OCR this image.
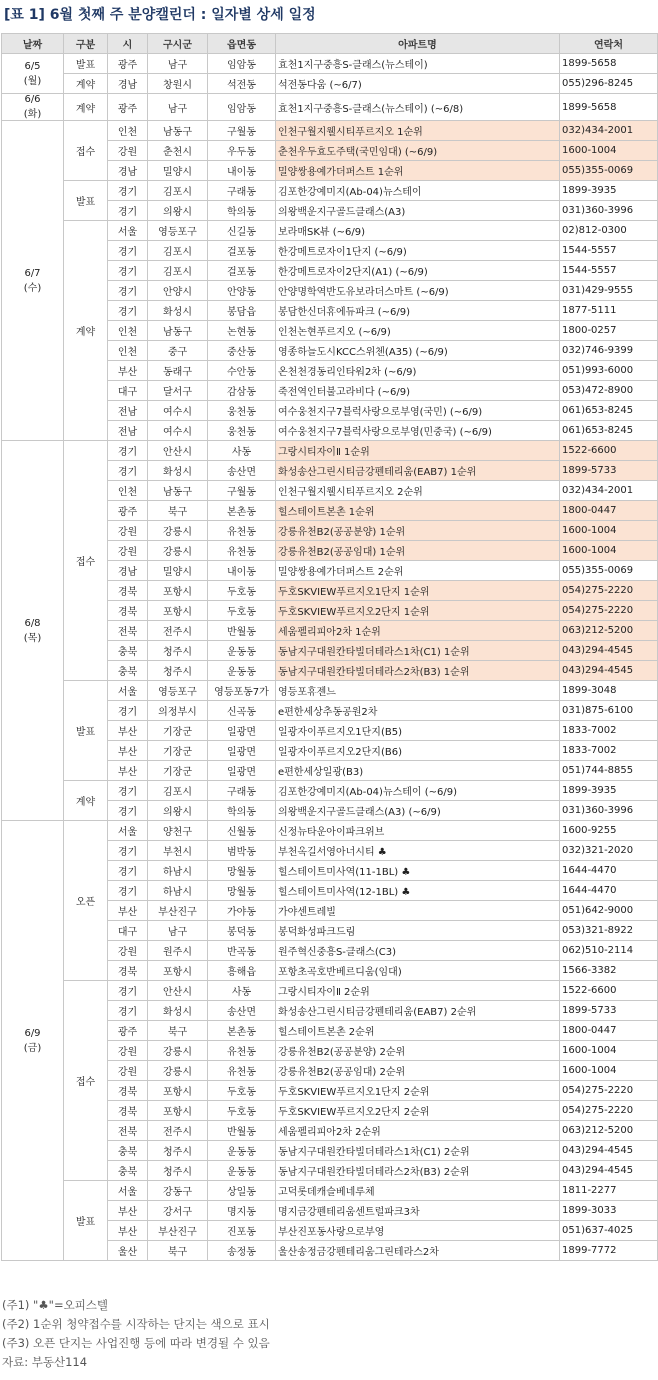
[표 1] 6월 첫째 주 분양캘린더 : 일자별 상세 일정
날짜	구분	시	구시군	읍면동	아파트명	연락처
6/5
(월)	발표	광주	남구	임암동	효천1지구중흥S-클래스(뉴스테이)	1899-5658
	계약	경남	창원시	석전동	석전동다움 (~6/7)	055)296-8245
6/6
(화)	계약	광주	남구	임암동	효천1지구중흥S-클래스(뉴스테이) (~6/8)	1899-5658
6/7
(수)	접수	인천	남동구	구월동	인천구월지웰시티푸르지오 1순위	032)434-2001
		강원	춘천시	우두동	춘천우두효도주택(국민임대) (~6/9)	1600-1004
		경남	밀양시	내이동	밀양쌍용예가더퍼스트 1순위	055)355-0069
	발표	경기	김포시	구래동	김포한강예미지(Ab-04)뉴스테이	1899-3935
		경기	의왕시	학의동	의왕백운지구골드클래스(A3)	031)360-3996
	계약	서울	영등포구	신길동	보라매SK뷰 (~6/9)	02)812-0300
		경기	김포시	걸포동	한강메트로자이1단지 (~6/9)	1544-5557
		경기	김포시	걸포동	한강메트로자이2단지(A1) (~6/9)	1544-5557
		경기	안양시	안양동	안양명학역반도유보라더스마트 (~6/9)	031)429-9555
		경기	화성시	봉담읍	봉담한신더휴에듀파크 (~6/9)	1877-5111
		인천	남동구	논현동	인천논현푸르지오 (~6/9)	1800-0257
		인천	중구	중산동	영종하늘도시KCC스위첸(A35) (~6/9)	032)746-9399
		부산	동래구	수안동	온천천경동리인타워2차 (~6/9)	051)993-6000
		대구	달서구	감삼동	죽전역인터불고라비다 (~6/9)	053)472-8900
		전남	여수시	웅천동	여수웅천지구7블럭사랑으로부영(국민) (~6/9)	061)653-8245
		전남	여수시	웅천동	여수웅천지구7블럭사랑으로부영(민중국) (~6/9)	061)653-8245
6/8
(목)	접수	경기	안산시	사동	그랑시티자이Ⅱ 1순위	1522-6600
		경기	화성시	송산면	화성송산그린시티금강펜테리움(EAB7) 1순위	1899-5733
		인천	남동구	구월동	인천구월지웰시티푸르지오 2순위	032)434-2001
		광주	북구	본촌동	힐스테이트본촌 1순위	1800-0447
		강원	강릉시	유천동	강릉유천B2(공공분양) 1순위	1600-1004
		강원	강릉시	유천동	강릉유천B2(공공임대) 1순위	1600-1004
		경남	밀양시	내이동	밀양쌍용예가더퍼스트 2순위	055)355-0069
		경북	포항시	두호동	두호SKVIEW푸르지오1단지 1순위	054)275-2220
		경북	포항시	두호동	두호SKVIEW푸르지오2단지 1순위	054)275-2220
		전북	전주시	반월동	세움펠리피아2차 1순위	063)212-5200
		충북	청주시	운동동	동남지구대원칸타빌더테라스1차(C1) 1순위	043)294-4545
		충북	청주시	운동동	동남지구대원칸타빌더테라스2차(B3) 1순위	043)294-4545
	발표	서울	영등포구	영등포동7가	영등포휴젠느	1899-3048
		경기	의정부시	신곡동	e편한세상추동공원2차	031)875-6100
		부산	기장군	일광면	일광자이푸르지오1단지(B5)	1833-7002
		부산	기장군	일광면	일광자이푸르지오2단지(B6)	1833-7002
		부산	기장군	일광면	e편한세상일광(B3)	051)744-8855
	계약	경기	김포시	구래동	김포한강예미지(Ab-04)뉴스테이 (~6/9)	1899-3935
		경기	의왕시	학의동	의왕백운지구골드클래스(A3) (~6/9)	031)360-3996
6/9
(금)	오픈	서울	양천구	신월동	신정뉴타운아이파크위브	1600-9255
		경기	부천시	범박동	부천옥길서영아너시티 ♣	032)321-2020
		경기	하남시	망월동	힐스테이트미사역(11-1BL) ♣	1644-4470
		경기	하남시	망월동	힐스테이트미사역(12-1BL) ♣	1644-4470
		부산	부산진구	가야동	가야센트레빌	051)642-9000
		대구	남구	봉덕동	봉덕화성파크드림	053)321-8922
		강원	원주시	반곡동	원주혁신중흥S-클래스(C3)	062)510-2114
		경북	포항시	흥해읍	포항초곡호반베르디움(임대)	1566-3382
	접수	경기	안산시	사동	그랑시티자이Ⅱ 2순위	1522-6600
		경기	화성시	송산면	화성송산그린시티금강펜테리움(EAB7) 2순위	1899-5733
		광주	북구	본촌동	힐스테이트본촌 2순위	1800-0447
		강원	강릉시	유천동	강릉유천B2(공공분양) 2순위	1600-1004
		강원	강릉시	유천동	강릉유천B2(공공임대) 2순위	1600-1004
		경북	포항시	두호동	두호SKVIEW푸르지오1단지 2순위	054)275-2220
		경북	포항시	두호동	두호SKVIEW푸르지오2단지 2순위	054)275-2220
		전북	전주시	반월동	세움펠리피아2차 2순위	063)212-5200
		충북	청주시	운동동	동남지구대원칸타빌더테라스1차(C1) 2순위	043)294-4545
		충북	청주시	운동동	동남지구대원칸타빌더테라스2차(B3) 2순위	043)294-4545
	발표	서울	강동구	상일동	고덕롯데캐슬베네루체	1811-2277
		부산	강서구	명지동	명지금강펜테리움센트럴파크3차	1899-3033
		부산	부산진구	진포동	부산진포동사랑으로부영	051)637-4025
		울산	북구	송정동	울산송정금강펜테리움그린테라스2차	1899-7772
(주1) "♣"=오피스텔
(주2) 1순위 청약접수를 시작하는 단지는 색으로 표시
(주3) 오픈 단지는 사업진행 등에 따라 변경될 수 있음
자료: 부동산114
